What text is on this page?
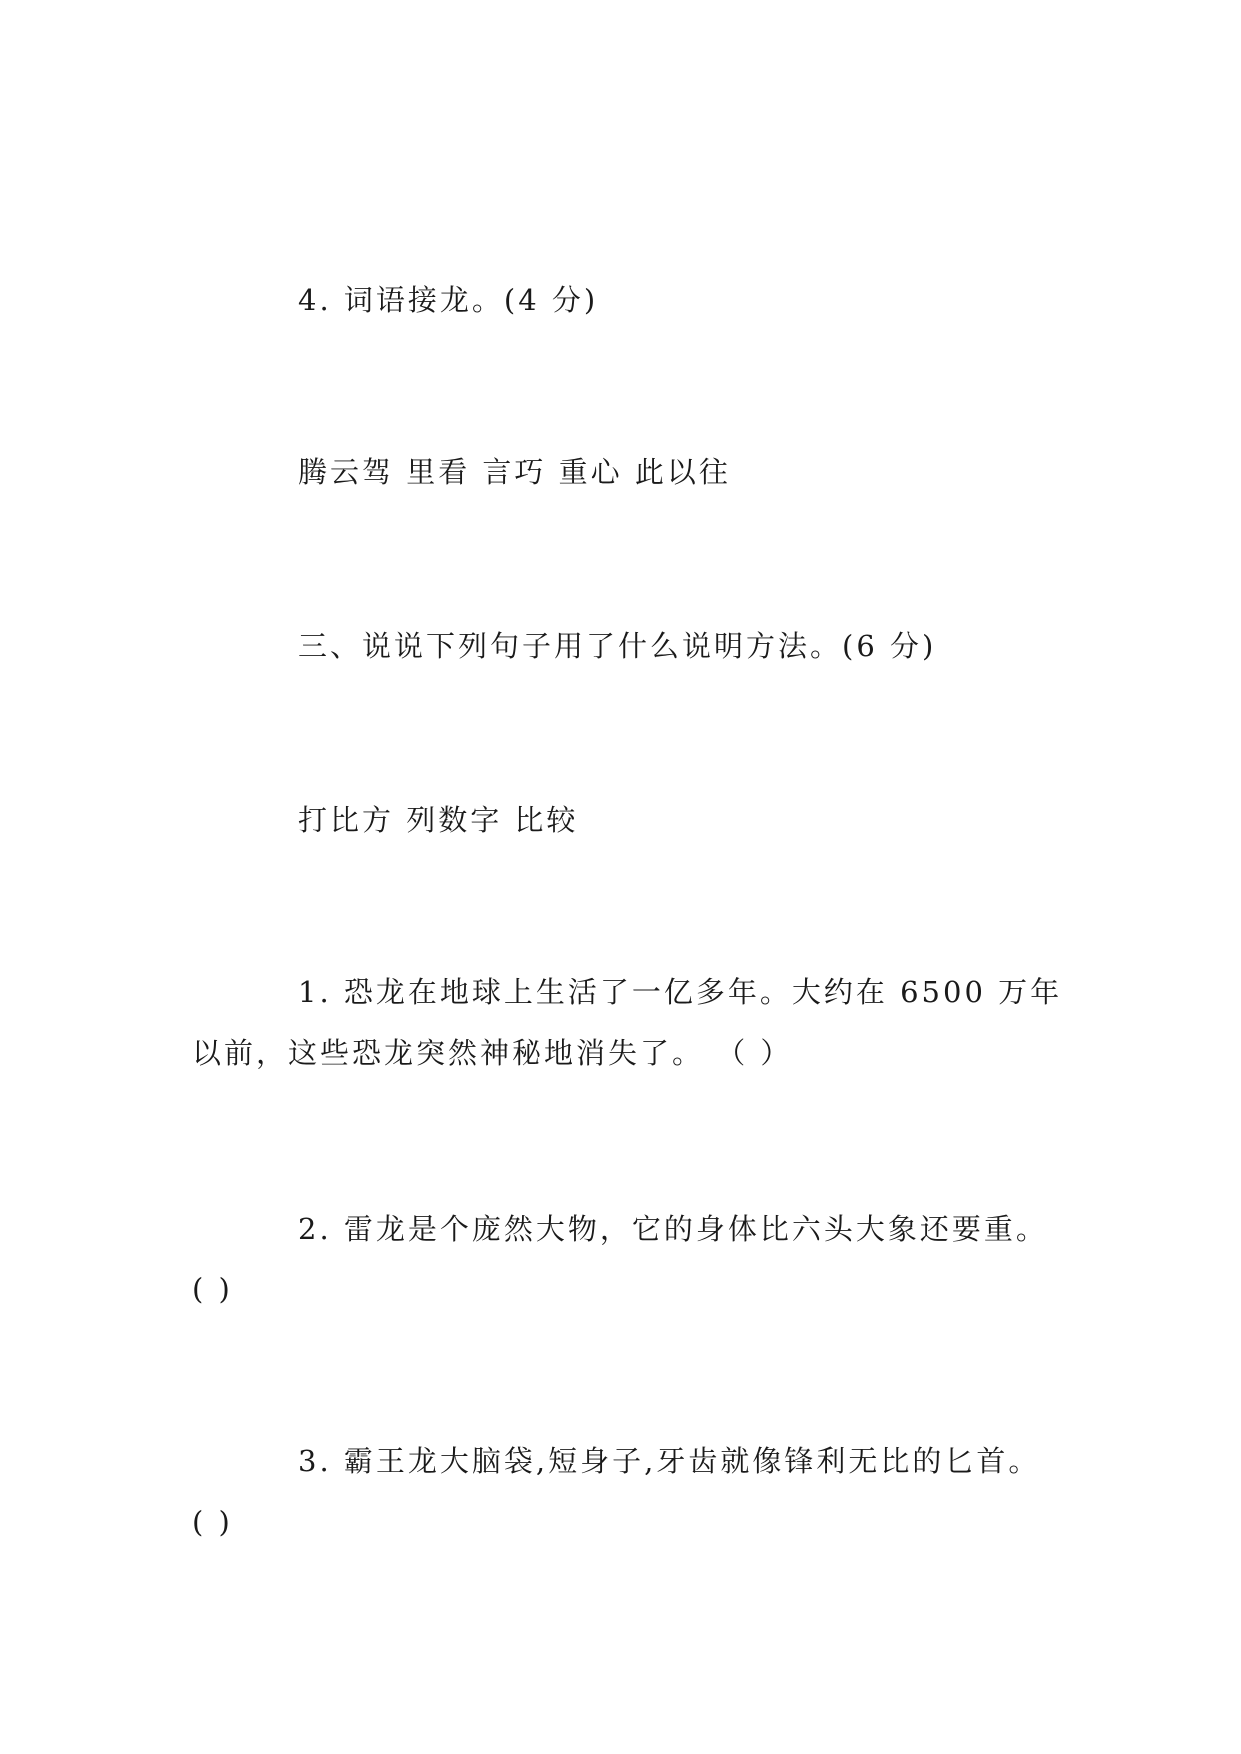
4. 词语接龙。(4 分)

腾云驾 里看 言巧 重心 此以往

三、说说下列句子用了什么说明方法。(6 分)

打比方 列数字 比较

1. 恐龙在地球上生活了一亿多年。大约在 6500 万年

以前，这些恐龙突然神秘地消失了。 （ ）

2. 雷龙是个庞然大物，它的身体比六头大象还要重。

( )

3. 霸王龙大脑袋,短身子,牙齿就像锋利无比的匕首。

( )
